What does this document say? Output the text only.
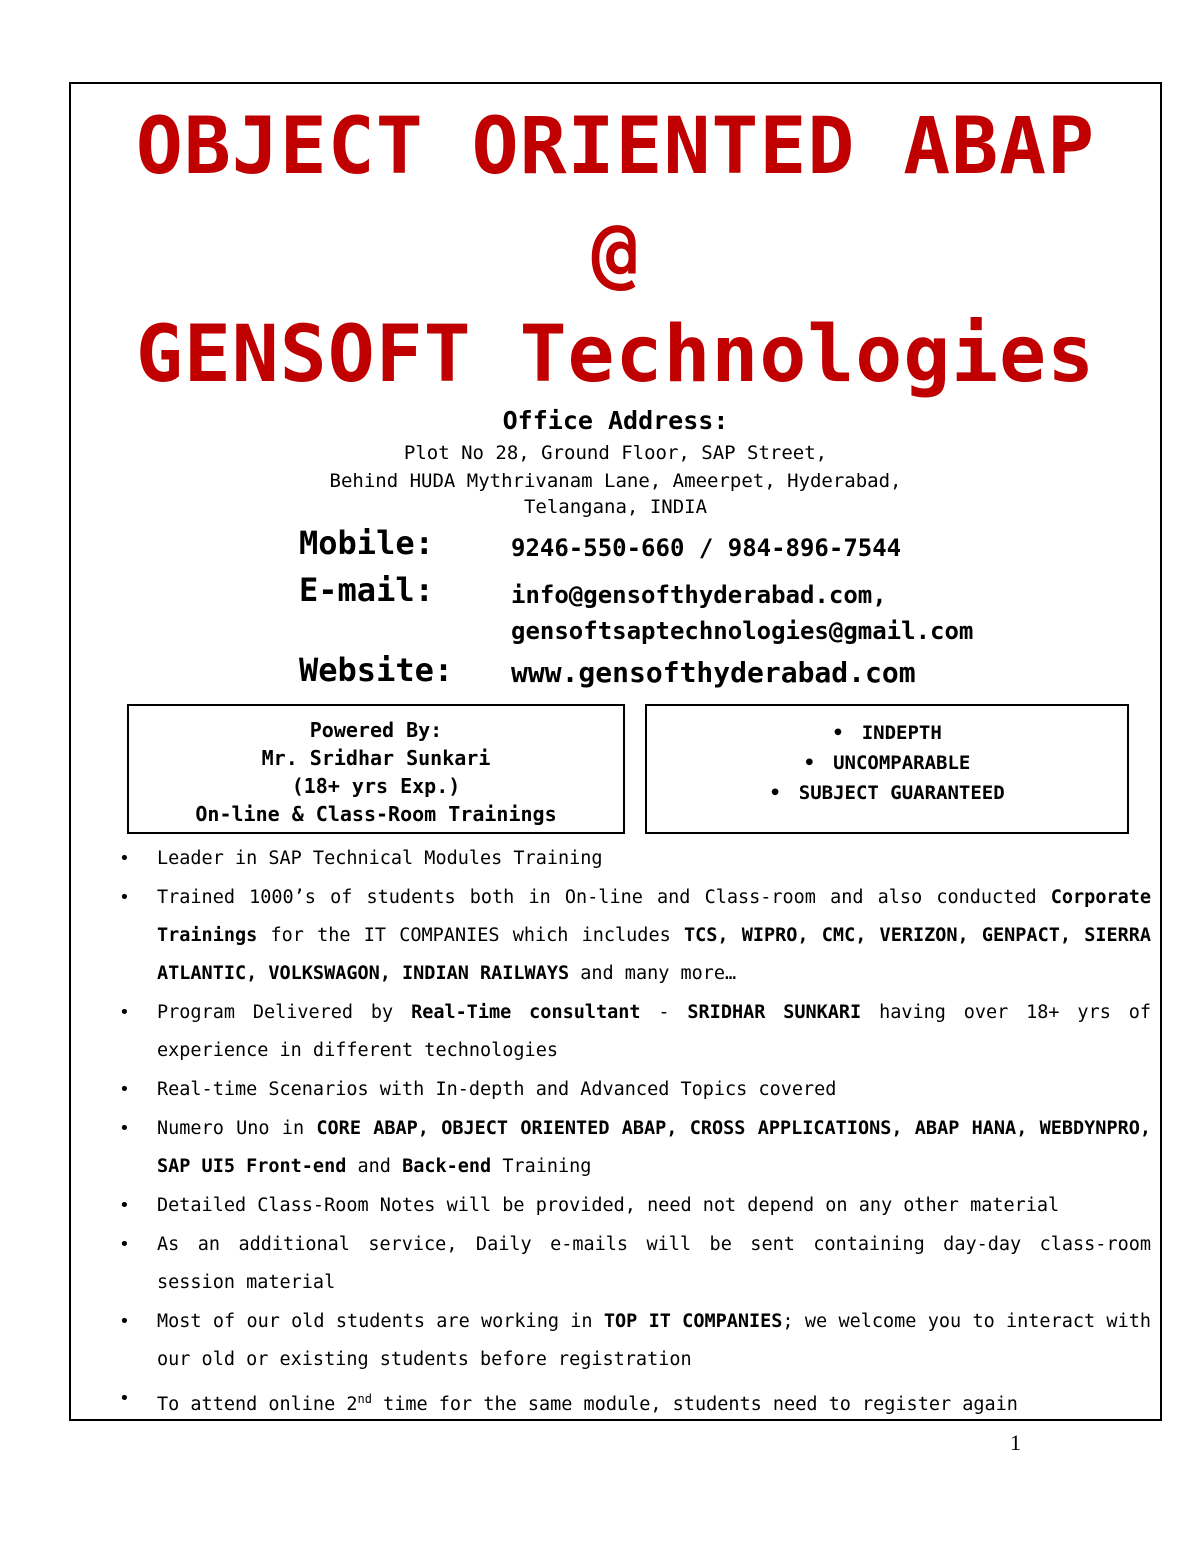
OBJECT ORIENTED ABAP
@
GENSOFT Technologies
Office Address:
Plot No 28, Ground Floor, SAP Street,
Behind HUDA Mythrivanam Lane, Ameerpet, Hyderabad,
Telangana, INDIA
Mobile:	9246-550-660 / 984-896-7544
E-mail:	info@gensofthyderabad.com,
gensoftsaptechnologies@gmail.com
Website: www.gensofthyderabad.com
Powered By:
Mr. Sridhar Sunkari
(18+ yrs Exp.)
On-line & Class-Room Trainings
• INDEPTH
• UNCOMPARABLE
• SUBJECT GUARANTEED
• Leader in SAP Technical Modules Training
• Trained 1000’s of students both in On-line and Class-room and also conducted Corporate Trainings for the IT COMPANIES which includes TCS, WIPRO, CMC, VERIZON, GENPACT, SIERRA ATLANTIC, VOLKSWAGON, INDIAN RAILWAYS and many more…
• Program Delivered by Real-Time consultant - SRIDHAR SUNKARI having over 18+ yrs of experience in different technologies
• Real-time Scenarios with In-depth and Advanced Topics covered
• Numero Uno in CORE ABAP, OBJECT ORIENTED ABAP, CROSS APPLICATIONS, ABAP HANA, WEBDYNPRO, SAP UI5 Front-end and Back-end Training
• Detailed Class-Room Notes will be provided, need not depend on any other material
• As an additional service, Daily e-mails will be sent containing day-day class-room session material
• Most of our old students are working in TOP IT COMPANIES; we welcome you to interact with our old or existing students before registration
• To attend online 2nd time for the same module, students need to register again
1
